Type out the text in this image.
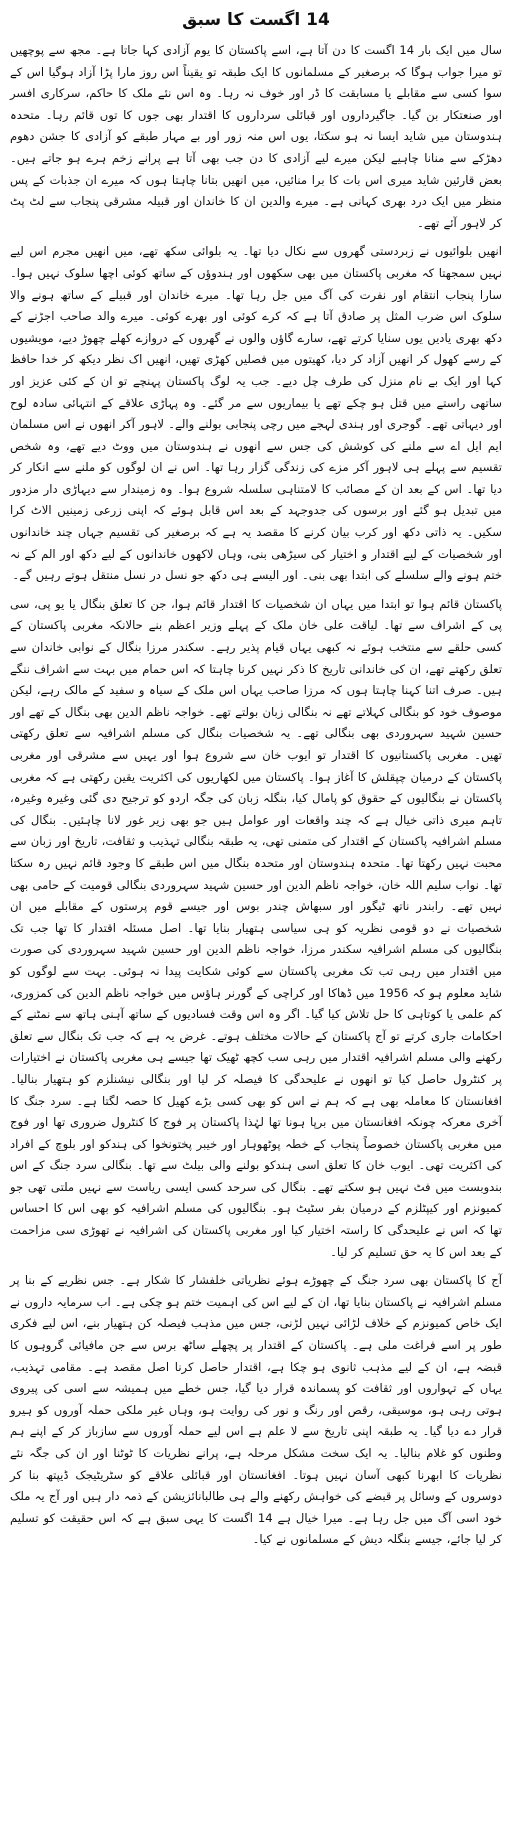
14 اگست کا سبق

سال میں ایک بار 14 اگست کا دن آتا ہے، اسے پاکستان کا یوم آزادی کہا جاتا ہے۔ مجھ سے پوچھیں تو میرا جواب ہوگا کہ برصغیر کے مسلمانوں کا ایک طبقہ تو یقیناً اس روز مارا پڑا آزاد ہوگیا اس کے سوا کسی سے مقابلے یا مسابقت کا ڈر اور خوف نہ رہا۔ وہ اس نئے ملک کا حاکم، سرکاری افسر اور صنعتکار بن گیا۔ جاگیرداروں اور قبائلی سرداروں کا اقتدار بھی جوں کا توں قائم رہا۔ متحدہ ہندوستان میں شاید ایسا نہ ہو سکتا، یوں اس منہ زور اور بے مہار طبقے کو آزادی کا جشن دھوم دھڑکے سے منانا چاہیے لیکن میرے لیے آزادی کا دن جب بھی آتا ہے پرانے زخم ہرے ہو جاتے ہیں۔ بعض قارئین شاید میری اس بات کا برا منائیں، میں انھیں بتانا چاہتا ہوں کہ میرے ان جذبات کے پس منظر میں ایک درد بھری کہانی ہے۔ میرے والدین ان کا خاندان اور قبیلہ مشرقی پنجاب سے لٹ پٹ کر لاہور آئے تھے۔

انھیں بلوائیوں نے زبردستی گھروں سے نکال دیا تھا۔ یہ بلوائی سکھ تھے، میں انھیں مجرم اس لیے نہیں سمجھتا کہ مغربی پاکستان میں بھی سکھوں اور ہندوؤں کے ساتھ کوئی اچھا سلوک نہیں ہوا۔ سارا پنجاب انتقام اور نفرت کی آگ میں جل رہا تھا۔ میرے خاندان اور قبیلے کے ساتھ ہونے والا سلوک اس ضرب المثل پر صادق آتا ہے کہ کرے کوئی اور بھرے کوئی۔ میرے والد صاحب اجڑنے کے دکھ بھری یادیں یوں سنایا کرتے تھے، سارے گاؤں والوں نے گھروں کے دروازے کھلے چھوڑ دیے، مویشیوں کے رسے کھول کر انھیں آزاد کر دیا، کھیتوں میں فصلیں کھڑی تھیں، انھیں اک نظر دیکھ کر خدا حافظ کہا اور ایک بے نام منزل کی طرف چل دیے۔ جب یہ لوگ پاکستان پہنچے تو ان کے کئی عزیز اور ساتھی راستے میں قتل ہو چکے تھے یا بیماریوں سے مر گئے۔ وہ پہاڑی علاقے کے انتہائی سادہ لوح اور دیہاتی تھے۔ گوجری اور ہندی لہجے میں رچی پنجابی بولنے والے۔ لاہور آکر انھوں نے اس مسلمان ایم ایل اے سے ملنے کی کوشش کی جس سے انھوں نے ہندوستان میں ووٹ دیے تھے، وہ شخص تقسیم سے پہلے ہی لاہور آکر مزے کی زندگی گزار رہا تھا۔ اس نے ان لوگوں کو ملنے سے انکار کر دیا تھا۔ اس کے بعد ان کے مصائب کا لامتناہی سلسلہ شروع ہوا۔ وہ زمیندار سے دیہاڑی دار مزدور میں تبدیل ہو گئے اور برسوں کی جدوجہد کے بعد اس قابل ہوئے کہ اپنی زرعی زمینیں الاٹ کرا سکیں۔ یہ ذاتی دکھ اور کرب بیان کرنے کا مقصد یہ ہے کہ برصغیر کی تقسیم جہاں چند خاندانوں اور شخصیات کے لیے اقتدار و اختیار کی سیڑھی بنی، وہاں لاکھوں خاندانوں کے لیے دکھ اور الم کے نہ ختم ہونے والے سلسلے کی ابتدا بھی بنی۔ اور الیسے ہی دکھ جو نسل در نسل منتقل ہوتے رہیں گے۔

پاکستان قائم ہوا تو ابتدا میں یہاں ان شخصیات کا اقتدار قائم ہوا، جن کا تعلق بنگال یا یو پی، سی پی کے اشراف سے تھا۔ لیاقت علی خان ملک کے پہلے وزیر اعظم بنے حالانکہ مغربی پاکستان کے کسی حلقے سے منتخب ہوئے نہ کبھی یہاں قیام پذیر رہے۔ سکندر مرزا بنگال کے نوابی خاندان سے تعلق رکھتے تھے، ان کی خاندانی تاریخ کا ذکر نہیں کرنا چاہتا کہ اس حمام میں بہت سے اشراف ننگے ہیں۔ صرف اتنا کہنا چاہتا ہوں کہ مرزا صاحب یہاں اس ملک کے سیاہ و سفید کے مالک رہے، لیکن موصوف خود کو بنگالی کہلاتے تھے نہ بنگالی زبان بولتے تھے۔ خواجہ ناظم الدین بھی بنگال کے تھے اور حسین شہید سہروردی بھی بنگالی تھے۔ یہ شخصیات بنگال کی مسلم اشرافیہ سے تعلق رکھتی تھیں۔ مغربی پاکستانیوں کا اقتدار تو ایوب خان سے شروع ہوا اور یہیں سے مشرقی اور مغربی پاکستان کے درمیان چپقلش کا آغاز ہوا۔ پاکستان میں لکھاریوں کی اکثریت یقین رکھتی ہے کہ مغربی پاکستان نے بنگالیوں کے حقوق کو پامال کیا، بنگلہ زبان کی جگہ اردو کو ترجیح دی گئی وغیرہ وغیرہ، تاہم میری ذاتی خیال ہے کہ چند واقعات اور عوامل ہیں جو بھی زیر غور لانا چاہئیں۔ بنگال کی مسلم اشرافیہ پاکستان کے اقتدار کی متمنی تھی، یہ طبقہ بنگالی تہذیب و ثقافت، تاریخ اور زبان سے محبت نہیں رکھتا تھا۔ متحدہ ہندوستان اور متحدہ بنگال میں اس طبقے کا وجود قائم نہیں رہ سکتا تھا۔ نواب سلیم اللہ خان، خواجہ ناظم الدین اور حسین شہید سہروردی بنگالی قومیت کے حامی بھی نہیں تھے۔ رابندر ناتھ ٹیگور اور سبھاش چندر بوس اور جیسے قوم پرستوں کے مقابلے میں ان شخصیات نے دو قومی نظریہ کو ہی سیاسی ہتھیار بنایا تھا۔ اصل مسئلہ اقتدار کا تھا جب تک بنگالیوں کی مسلم اشرافیہ سکندر مرزا، خواجہ ناظم الدین اور حسین شہید سہروردی کی صورت میں اقتدار میں رہی تب تک مغربی پاکستان سے کوئی شکایت پیدا نہ ہوئی۔ بہت سے لوگوں کو شاید معلوم ہو کہ 1956 میں ڈھاکا اور کراچی کے گورنر ہاؤس میں خواجہ ناظم الدین کی کمزوری، کم علمی یا کوتاہی کا حل تلاش کیا گیا۔ اگر وہ اس وقت فسادیوں کے ساتھ آہنی ہاتھ سے نمٹنے کے احکامات جاری کرتے تو آج پاکستان کے حالات مختلف ہوتے۔ غرض یہ ہے کہ جب تک بنگال سے تعلق رکھنے والی مسلم اشرافیہ اقتدار میں رہی سب کچھ ٹھیک تھا جیسے ہی مغربی پاکستان نے اختیارات پر کنٹرول حاصل کیا تو انھوں نے علیحدگی کا فیصلہ کر لیا اور بنگالی نیشنلزم کو ہتھیار بنالیا۔ افغانستان کا معاملہ بھی ہے کہ ہم نے اس کو بھی کسی بڑے کھیل کا حصہ لگتا ہے۔ سرد جنگ کا آخری معرکہ چونکہ افغانستان میں برپا ہونا تھا لہٰذا پاکستان پر فوج کا کنٹرول ضروری تھا اور فوج میں مغربی پاکستان خصوصاً پنجاب کے خطہ پوٹھوہار اور خیبر پختونخوا کی ہندکو اور بلوچ کے افراد کی اکثریت تھی۔ ایوب خان کا تعلق اسی ہندکو بولنے والی بیلٹ سے تھا۔ بنگالی سرد جنگ کے اس بندوبست میں فٹ نہیں ہو سکتے تھے۔ بنگال کی سرحد کسی ایسی ریاست سے نہیں ملتی تھی جو کمیونزم اور کیپٹلزم کے درمیان بفر سٹیٹ ہو۔ بنگالیوں کی مسلم اشرافیہ کو بھی اس کا احساس تھا کہ اس نے علیحدگی کا راستہ اختیار کیا اور مغربی پاکستان کی اشرافیہ نے تھوڑی سی مزاحمت کے بعد اس کا یہ حق تسلیم کر لیا۔

آج کا پاکستان بھی سرد جنگ کے چھوڑے ہوئے نظریاتی خلفشار کا شکار ہے۔ جس نظریے کے بنا پر مسلم اشرافیہ نے پاکستان بنایا تھا، ان کے لیے اس کی اہمیت ختم ہو چکی ہے۔ اب سرمایہ داروں نے ایک خاص کمیونزم کے خلاف لڑائی نہیں لڑنی، جس میں مذہب فیصلہ کن ہتھیار بنے، اس لیے فکری طور پر اسے فراغت ملی ہے۔ پاکستان کے اقتدار پر پچھلے ساٹھ برس سے جن مافیائی گروہوں کا قبضہ ہے، ان کے لیے مذہب ثانوی ہو چکا ہے، اقتدار حاصل کرنا اصل مقصد ہے۔ مقامی تہذیب، یہاں کے تہواروں اور ثقافت کو پسماندہ قرار دیا گیا، جس خطے میں ہمیشہ سے اسی کی پیروی ہوتی رہی ہو، موسیقی، رقص اور رنگ و نور کی روایت ہو، وہاں غیر ملکی حملہ آوروں کو ہیرو قرار دے دیا گیا۔ یہ طبقہ اپنی تاریخ سے لا علم ہے اس لیے حملہ آوروں سے سازباز کر کے اپنے ہم وطنوں کو غلام بنالیا۔ یہ ایک سخت مشکل مرحلہ ہے، پرانے نظریات کا ٹوٹنا اور ان کی جگہ نئے نظریات کا ابھرنا کبھی آسان نہیں ہوتا۔ افغانستان اور قبائلی علاقے کو سٹریٹیجک ڈیپتھ بنا کر دوسروں کے وسائل پر قبضے کی خواہش رکھنے والے ہی طالبانائزیشن کے ذمہ دار ہیں اور آج یہ ملک خود اسی آگ میں جل رہا ہے۔ میرا خیال ہے 14 اگست کا یہی سبق ہے کہ اس حقیقت کو تسلیم کر لیا جائے، جیسے بنگلہ دیش کے مسلمانوں نے کیا۔
